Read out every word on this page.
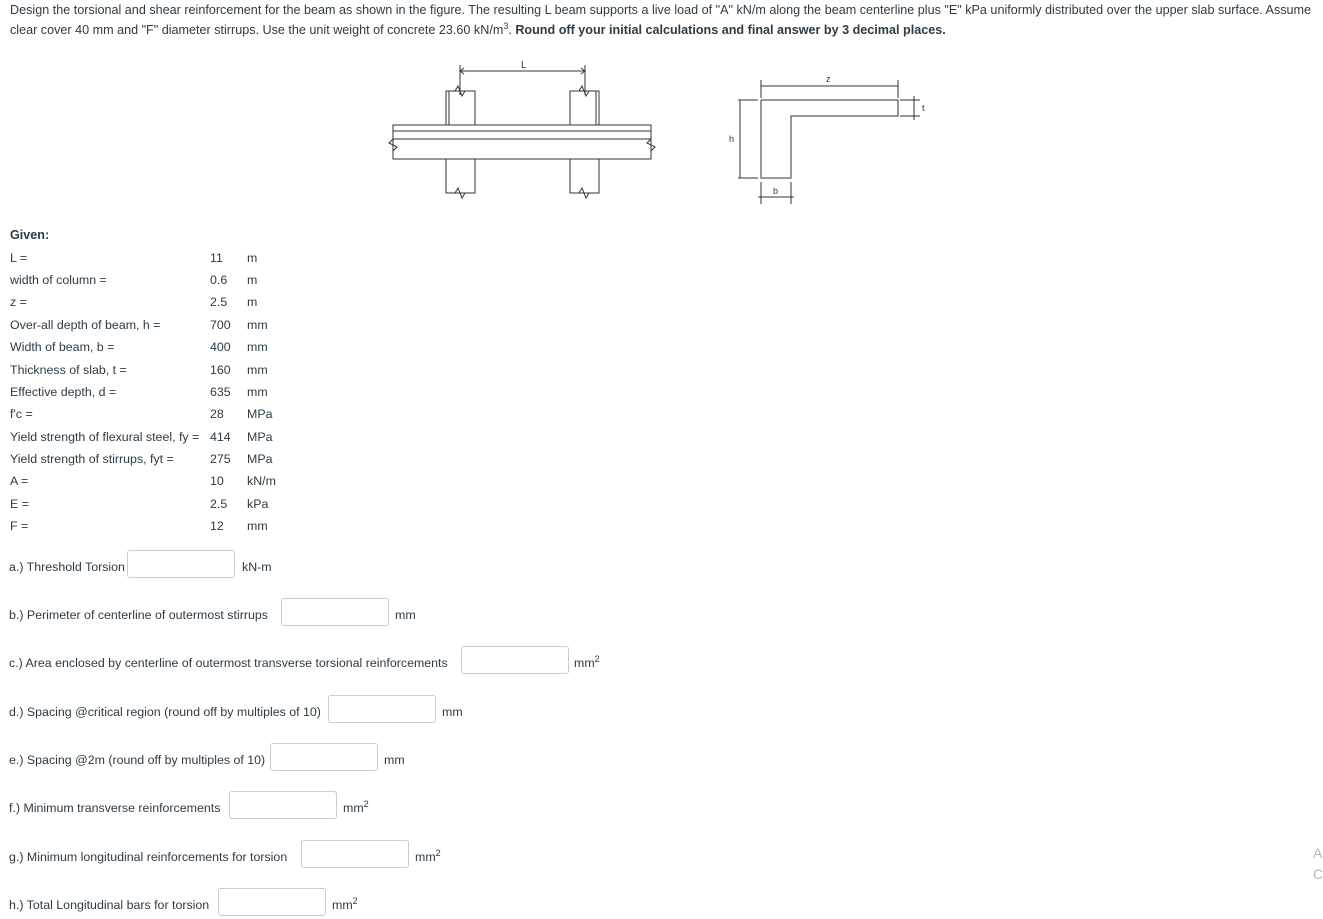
Design the torsional and shear reinforcement for the beam as shown in the figure. The resulting L beam supports a live load of "A" kN/m along the beam centerline plus "E" kPa uniformly distributed over the upper slab surface. Assume clear cover 40 mm and "F" diameter stirrups. Use the unit weight of concrete 23.60 $kN/m^3$. Round off your initial calculations and final answer by 3 decimal places.
L
z
t
h
b
Given:
L =	11 m
width of column =	0.6 m
z =	2.5 m
Over-all depth of beam, h =	700 mm
Width of beam, b =	400 mm
Thickness of slab, t =	160 mm
Effective depth, d =	635 mm
f'c =	28 MPa
Yield strength of flexural steel, fy = 414 MPa
Yield strength of stirrups, fyt =	275 MPa
A =	10 kN/m
E =	2.5 kPa
F =	12 mm
a.) Threshold Torsion	kN-m
b.) Perimeter of centerline of outermost stirrups	mm
c.) Area enclosed by centerline of outermost transverse torsional reinforcements	$mm^2$
d.) Spacing @critical region (round off by multiples of 10)	mm
e.) Spacing @2m (round off by multiples of 10)	mm
f.) Minimum transverse reinforcements	$mm^2$
g.) Minimum longitudinal reinforcements for torsion	$mm^2$
h.) Total Longitudinal bars for torsion	$mm^2$
A
C
